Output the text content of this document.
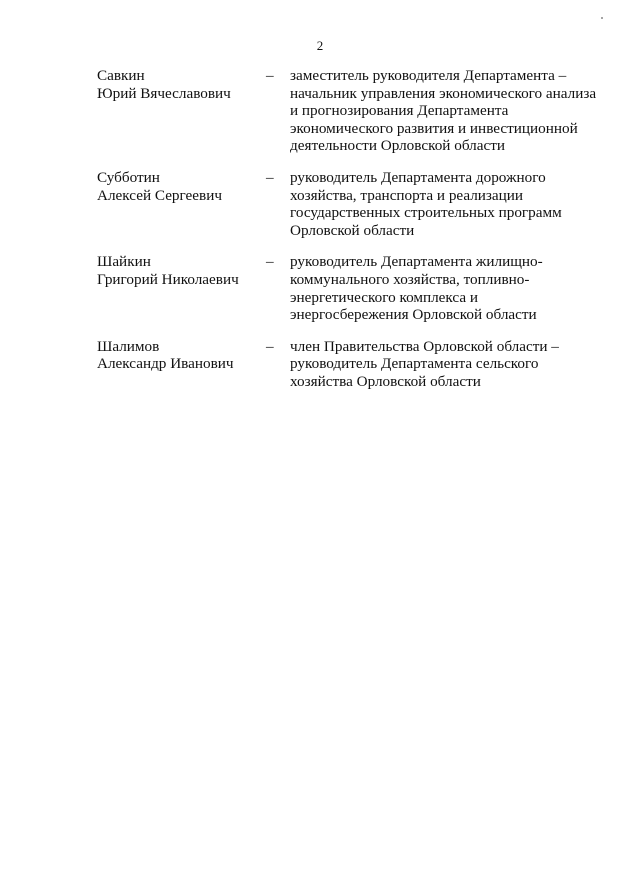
2
Савкин
Юрий Вячеславович
–	заместитель руководителя Департамента –
начальник управления экономического анализа
и прогнозирования Департамента
экономического развития и инвестиционной
деятельности Орловской области
Субботин
Алексей Сергеевич
–	руководитель Департамента дорожного
хозяйства, транспорта и реализации
государственных строительных программ
Орловской области
Шайкин
Григорий Николаевич
–	руководитель Департамента жилищно-
коммунального хозяйства, топливно-
энергетического комплекса и
энергосбережения Орловской области
Шалимов
Александр Иванович
–	член Правительства Орловской области –
руководитель Департамента сельского
хозяйства Орловской области
